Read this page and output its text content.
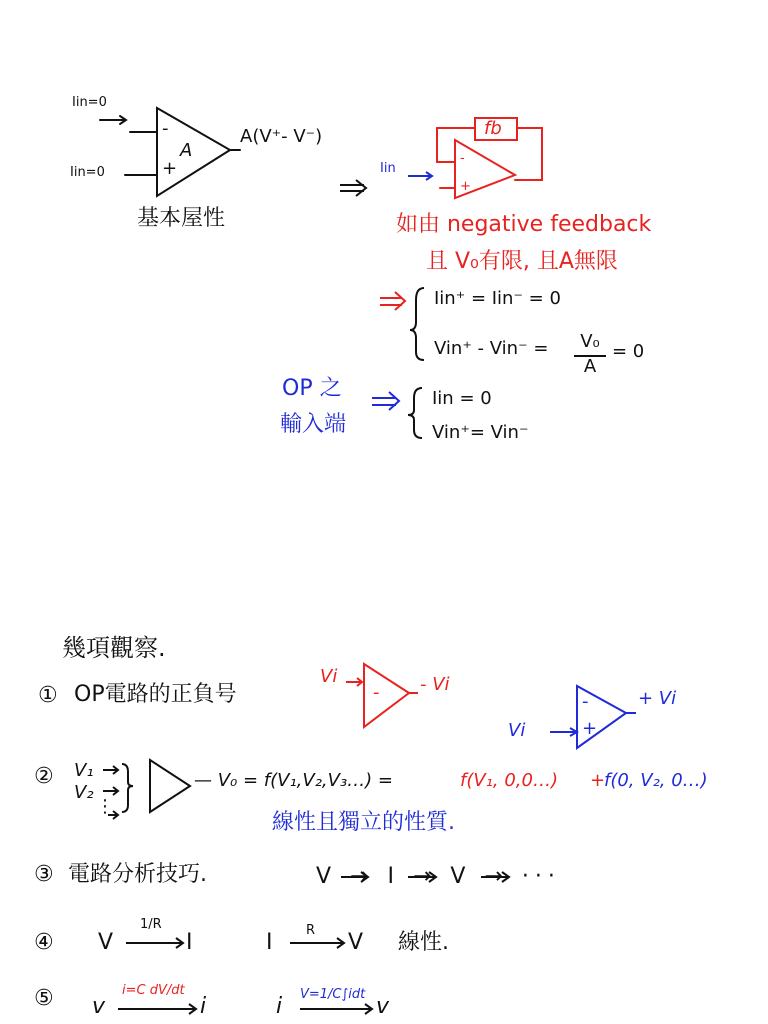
Iin=0
Iin=0
-
+
A
A(V⁺- V⁻)
基本屋性
fb
Iin
-
+
如由 negative feedback
且 V₀有限, 且A無限
Iin⁺ = Iin⁻ = 0
Vin⁺ - Vin⁻ =	V₀
A
= 0
OP 之
輸入端
Iin = 0
Vin⁺= Vin⁻
幾項觀察.
① OP電路的正負号
Vi
- - Vi
Vi
-
+
+ Vi
② V₁
V₂
⋮
— V₀ = f(V₁,V₂,V₃…) =	f(V₁, 0,0…) +
f(0, V₂, 0…)
線性且獨立的性質.
③ 電路分析技巧.	V → I → V → ···
④ V
1/R
I	I	R V 線性.
⑤ v
i=C dV/dt
i	i V=1/C∫idt v
